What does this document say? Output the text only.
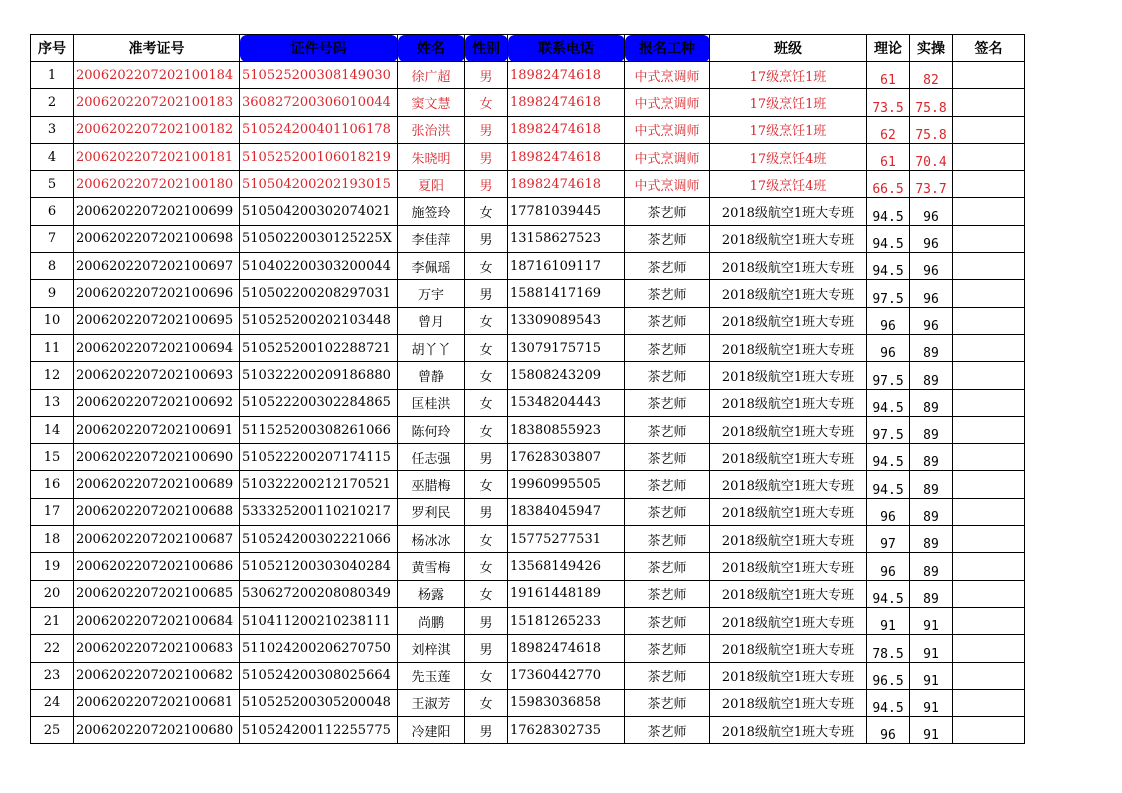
序号	准考证号	证件号码	姓名	性别	联系电话	报名工种	班级	理论	实操	签名
1	2006202207202100184	510525200308149030	徐广超	男	18982474618	中式烹调师	17级烹饪1班	61	82	
2	2006202207202100183	360827200306010044	窦文慧	女	18982474618	中式烹调师	17级烹饪1班	73.5	75.8	
3	2006202207202100182	510524200401106178	张治洪	男	18982474618	中式烹调师	17级烹饪1班	62	75.8	
4	2006202207202100181	510525200106018219	朱晓明	男	18982474618	中式烹调师	17级烹饪4班	61	70.4	
5	2006202207202100180	510504200202193015	夏阳	男	18982474618	中式烹调师	17级烹饪4班	66.5	73.7	
6	2006202207202100699	510504200302074021	施签玲	女	17781039445	茶艺师	2018级航空1班大专班	94.5	96	
7	2006202207202100698	51050220030125225X	李佳萍	男	13158627523	茶艺师	2018级航空1班大专班	94.5	96	
8	2006202207202100697	510402200303200044	李佩瑶	女	18716109117	茶艺师	2018级航空1班大专班	94.5	96	
9	2006202207202100696	510502200208297031	万宇	男	15881417169	茶艺师	2018级航空1班大专班	97.5	96	
10	2006202207202100695	510525200202103448	曾月	女	13309089543	茶艺师	2018级航空1班大专班	96	96	
11	2006202207202100694	510525200102288721	胡丫丫	女	13079175715	茶艺师	2018级航空1班大专班	96	89	
12	2006202207202100693	510322200209186880	曾静	女	15808243209	茶艺师	2018级航空1班大专班	97.5	89	
13	2006202207202100692	510522200302284865	匡桂洪	女	15348204443	茶艺师	2018级航空1班大专班	94.5	89	
14	2006202207202100691	511525200308261066	陈何玲	女	18380855923	茶艺师	2018级航空1班大专班	97.5	89	
15	2006202207202100690	510522200207174115	任志强	男	17628303807	茶艺师	2018级航空1班大专班	94.5	89	
16	2006202207202100689	510322200212170521	巫腊梅	女	19960995505	茶艺师	2018级航空1班大专班	94.5	89	
17	2006202207202100688	533325200110210217	罗利民	男	18384045947	茶艺师	2018级航空1班大专班	96	89	
18	2006202207202100687	510524200302221066	杨冰冰	女	15775277531	茶艺师	2018级航空1班大专班	97	89	
19	2006202207202100686	510521200303040284	黄雪梅	女	13568149426	茶艺师	2018级航空1班大专班	96	89	
20	2006202207202100685	530627200208080349	杨露	女	19161448189	茶艺师	2018级航空1班大专班	94.5	89	
21	2006202207202100684	510411200210238111	尚鹏	男	15181265233	茶艺师	2018级航空1班大专班	91	91	
22	2006202207202100683	511024200206270750	刘梓淇	男	18982474618	茶艺师	2018级航空1班大专班	78.5	91	
23	2006202207202100682	510524200308025664	先玉莲	女	17360442770	茶艺师	2018级航空1班大专班	96.5	91	
24	2006202207202100681	510525200305200048	王淑芳	女	15983036858	茶艺师	2018级航空1班大专班	94.5	91	
25	2006202207202100680	510524200112255775	冷建阳	男	17628302735	茶艺师	2018级航空1班大专班	96	91	
